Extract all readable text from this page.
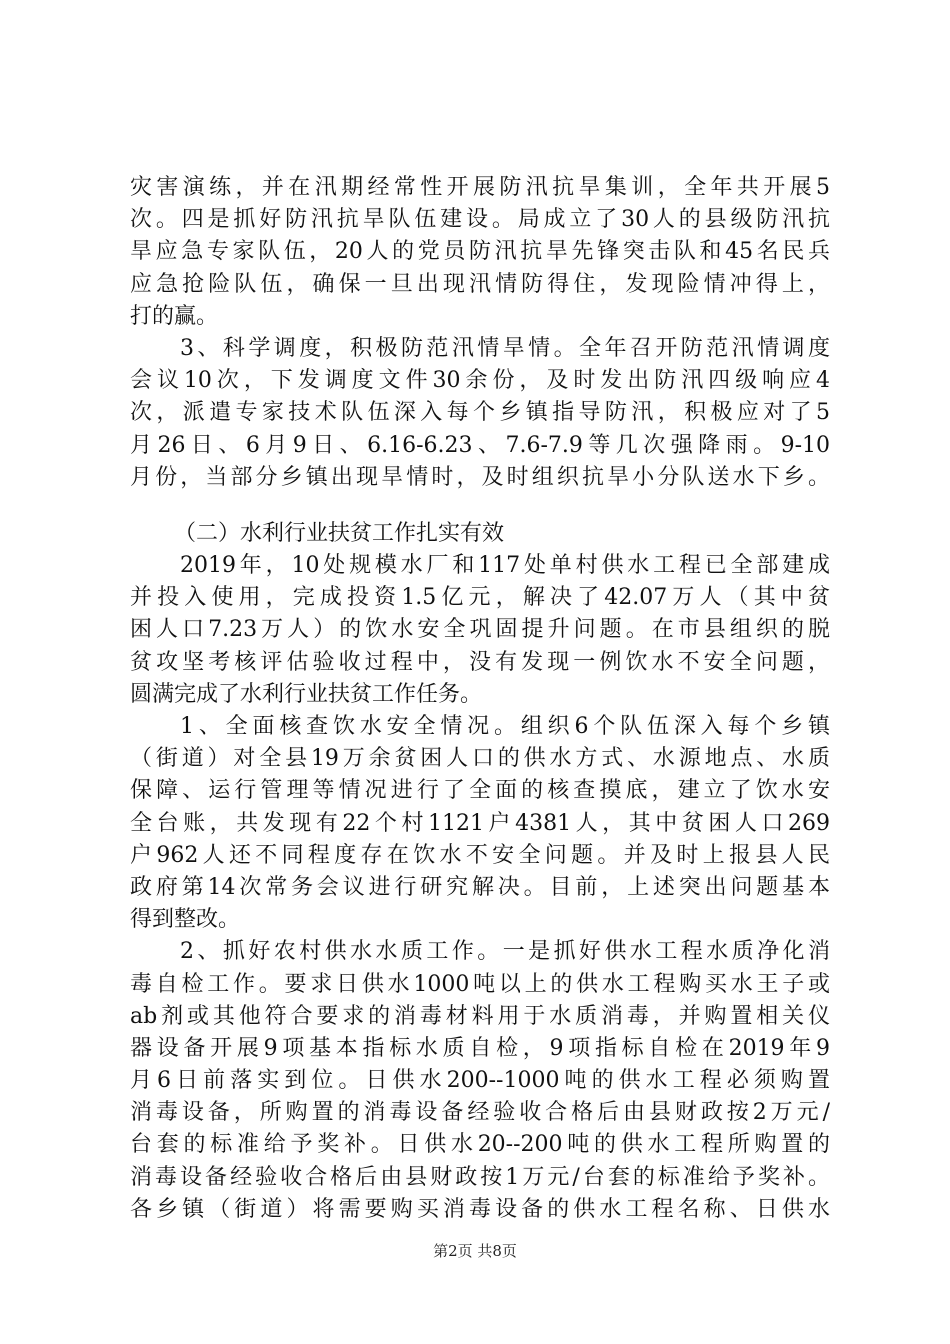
灾害演练，并在汛期经常性开展防汛抗旱集训，全年共开展5
次。四是抓好防汛抗旱队伍建设。局成立了30人的县级防汛抗
旱应急专家队伍，20人的党员防汛抗旱先锋突击队和45名民兵
应急抢险队伍，确保一旦出现汛情防得住，发现险情冲得上，
打的赢。
3、科学调度，积极防范汛情旱情。全年召开防范汛情调度
会议10次，下发调度文件30余份，及时发出防汛四级响应4
次，派遣专家技术队伍深入每个乡镇指导防汛，积极应对了5
月26日、6月9日、6.16-6.23、7.6-7.9等几次强降雨。9-10
月份，当部分乡镇出现旱情时，及时组织抗旱小分队送水下乡。
（二）水利行业扶贫工作扎实有效
2019年，10处规模水厂和117处单村供水工程已全部建成
并投入使用，完成投资1.5亿元，解决了42.07万人（其中贫
困人口7.23万人）的饮水安全巩固提升问题。在市县组织的脱
贫攻坚考核评估验收过程中，没有发现一例饮水不安全问题，
圆满完成了水利行业扶贫工作任务。
1、全面核查饮水安全情况。组织6个队伍深入每个乡镇
（街道）对全县19万余贫困人口的供水方式、水源地点、水质
保障、运行管理等情况进行了全面的核查摸底，建立了饮水安
全台账，共发现有22个村1121户4381人，其中贫困人口269
户962人还不同程度存在饮水不安全问题。并及时上报县人民
政府第14次常务会议进行研究解决。目前，上述突出问题基本
得到整改。
2、抓好农村供水水质工作。一是抓好供水工程水质净化消
毒自检工作。要求日供水1000吨以上的供水工程购买水王子或
ab剂或其他符合要求的消毒材料用于水质消毒，并购置相关仪
器设备开展9项基本指标水质自检，9项指标自检在2019年9
月6日前落实到位。日供水200--1000吨的供水工程必须购置
消毒设备，所购置的消毒设备经验收合格后由县财政按2万元/
台套的标准给予奖补。日供水20--200吨的供水工程所购置的
消毒设备经验收合格后由县财政按1万元/台套的标准给予奖补。
各乡镇（街道）将需要购买消毒设备的供水工程名称、日供水
第2页 共8页
